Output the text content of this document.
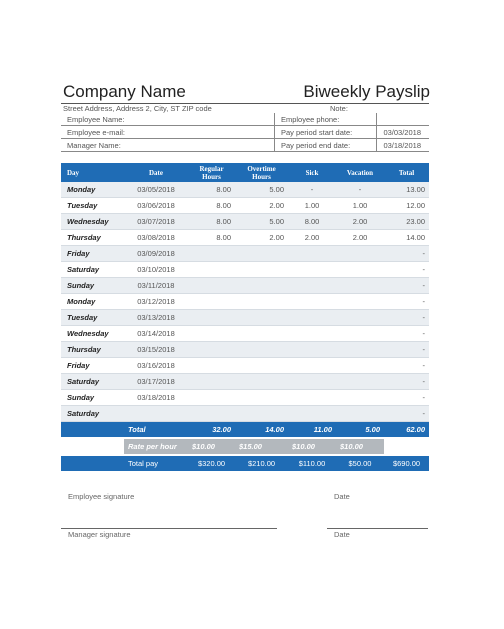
Company Name	Biweekly Payslip
Street Address, Address 2, City, ST ZIP code	Note:
Employee Name:	Employee phone:	
Employee e-mail:	Pay period start date:	03/03/2018
Manager Name:	Pay period end date:	03/18/2018
Day	Date	Regular Hours	Overtime Hours	Sick	Vacation	Total
Monday	03/05/2018	8.00	5.00	-	-	13.00
Tuesday	03/06/2018	8.00	2.00	1.00	1.00	12.00
Wednesday	03/07/2018	8.00	5.00	8.00	2.00	23.00
Thursday	03/08/2018	8.00	2.00	2.00	2.00	14.00
Friday	03/09/2018					-
Saturday	03/10/2018					-
Sunday	03/11/2018					-
Monday	03/12/2018					-
Tuesday	03/13/2018					-
Wednesday	03/14/2018					-
Thursday	03/15/2018					-
Friday	03/16/2018					-
Saturday	03/17/2018					-
Sunday	03/18/2018					-
Saturday						-
	Total	32.00	14.00	11.00	5.00	62.00
	Rate per hour	$10.00	$15.00	$10.00	$10.00	
	Total pay	$320.00	$210.00	$110.00	$50.00	$690.00
Employee signature	Date
Manager signature	Date
